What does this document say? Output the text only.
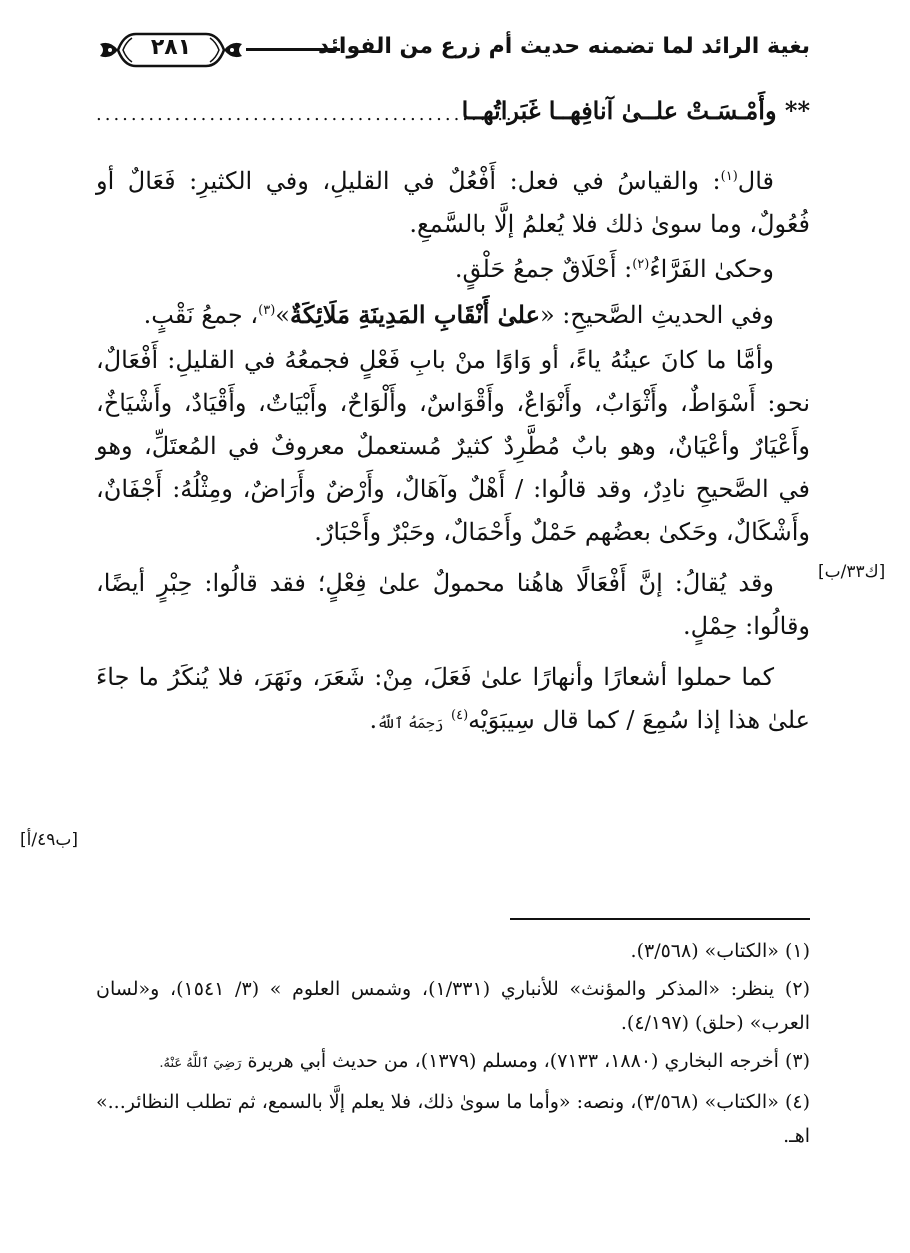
بغية الرائد لما تضمنه حديث أم زرع من الفوائد
٢٨١
** وأَمْـسَـتْ علــىٰ آنافِهــا غَبَراتُهــا
................................................

قال$^{(١)}$: والقياسُ في فعل: أَفْعُلٌ في القليلِ، وفي الكثيرِ: فَعَالٌ أو فُعُولٌ، وما سوىٰ ذلك فلا يُعلمُ إلَّا بالسَّمعِ.

وحكىٰ الفَرَّاءُ$^{(٢)}$: أَحْلَاقٌ جمعُ حَلْقٍ.

وفي الحديثِ الصَّحيحِ: «علىٰ أَنْقَابِ المَدِينَةِ مَلَائِكَةٌ»$^{(٣)}$، جمعُ نَقْبٍ.

وأمَّا ما كانَ عينُهُ ياءً، أو وَاوًا منْ بابِ فَعْلٍ فجمعُهُ في القليلِ: أَفْعَالٌ، نحو: أَسْوَاطٌ، وأَثْوَابٌ، وأَنْوَاعٌ، وأَقْوَاسٌ، وأَلْوَاحٌ، وأَبْيَاتٌ، وأَقْيَادٌ، وأَشْيَاخٌ، وأَعْيَارٌ وأعْيَانٌ، وهو بابٌ مُطَّرِدٌ كثيرٌ مُستعملٌ معروفٌ في المُعتَلِّ، وهو في الصَّحيحِ نادِرٌ، وقد قالُوا: / أَهْلٌ وآهَالٌ، وأَرْضٌ وأَرَاضٌ، ومِثْلُهُ: أَجْفَانٌ، وأَشْكَالٌ، وحَكىٰ بعضُهم حَمْلٌ وأَحْمَالٌ، وحَبْرٌ وأَحْبَارٌ.

وقد يُقالُ: إنَّ أَفْعَالًا هاهُنا محمولٌ علىٰ فِعْلٍ؛ فقد قالُوا: حِبْرٍ أيضًا، وقالُوا: حِمْلٍ.

كما حملوا أشعارًا وأنهارًا علىٰ فَعَلَ، مِنْ: شَعَرَ، ونَهَرَ، فلا يُنكَرُ ما جاءَ علىٰ هذا إذا سُمِعَ / كما قال سِيبَوَيْه$^{(٤)}$ رَحِمَهُ ٱللَّهُ.

[ك٣٣/ب]
[ب٤٩/أ]
(١) «الكتاب» (٣/٥٦٨).
(٢) ينظر: «المذكر والمؤنث» للأنباري (١/٣٣١)، وشمس العلوم » (٣/ ١٥٤١)، و«لسان العرب» (حلق) (٤/١٩٧).
(٣) أخرجه البخاري (١٨٨٠، ٧١٣٣)، ومسلم (١٣٧٩)، من حديث أبي هريرة رَضِيَ ٱللَّهُ عَنْهُ.
(٤) «الكتاب» (٣/٥٦٨)، ونصه: «وأما ما سوىٰ ذلك، فلا يعلم إلَّا بالسمع، ثم تطلب النظائر...» اهـ.
